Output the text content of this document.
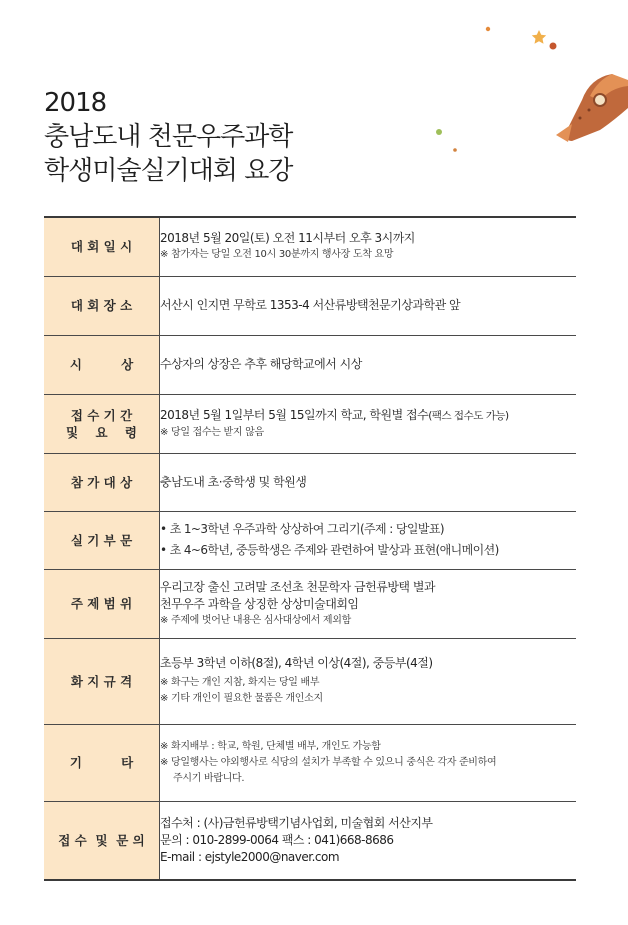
2018
충남도내 천문우주과학
학생미술실기대회 요강
대 회 일 시	2018년 5월 20일(토) 오전 11시부터 오후 3시까지
※ 참가자는 당일 오전 10시 30분까지 행사장 도착 요망

대 회 장 소	서산시 인지면 무학로 1353-4 서산류방택천문기상과학관 앞

시         상	수상자의 상장은 추후 해당학교에서 시상

접 수 기 간
및    요    령	2018년 5월 1일부터 5월 15일까지 학교, 학원별 접수(팩스 접수도 가능)
※ 당일 접수는 받지 않음

참 가 대 상	충남도내 초·중학생 및 학원생

실 기 부 문	• 초 1~3학년 우주과학 상상하여 그리기(주제 : 당일발표)
• 초 4~6학년, 중등학생은 주제와 관련하여 발상과 표현(애니메이션)

주 제 범 위	우리고장 출신 고려말 조선초 천문학자 금헌류방택 별과
천무우주 과학을 상징한 상상미술대회임
※ 주제에 벗어난 내용은 심사대상에서 제외함

화 지 규 격	초등부 3학년 이하(8절), 4학년 이상(4절), 중등부(4절)
※ 화구는 개인 지참, 화지는 당일 배부
※ 기타 개인이 필요한 물품은 개인소지

기         타	※ 화지배부 : 학교, 학원, 단체별 배부, 개인도 가능함
※ 당일행사는 야외행사로 식당의 설치가 부족할 수 있으니 중식은 각자 준비하여
주시기 바랍니다.

접 수  및  문 의	접수처 : (사)금헌류방택기념사업회, 미술협회 서산지부
문의 : 010-2899-0064 팩스 : 041)668-8686
E-mail : ejstyle2000@naver.com
